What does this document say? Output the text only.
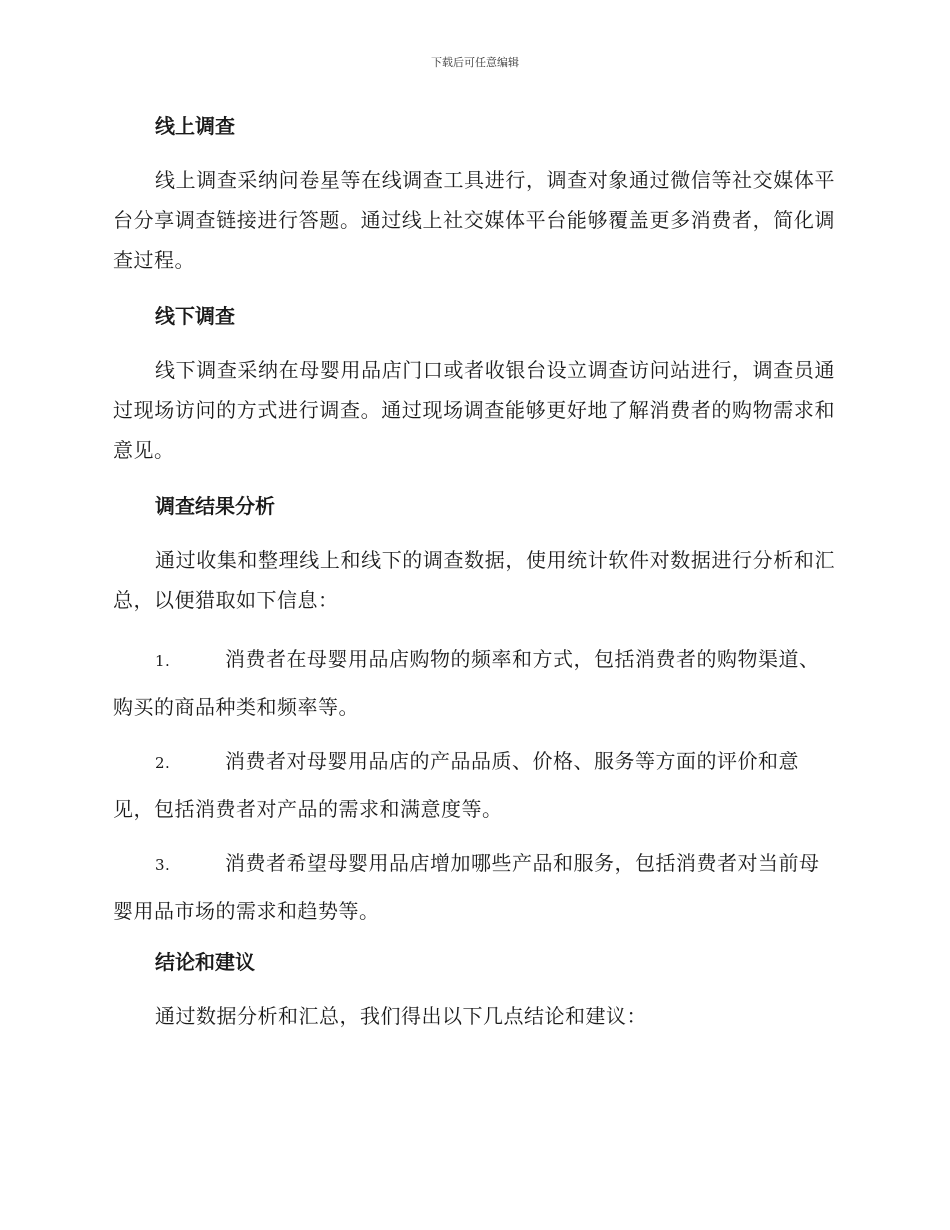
下载后可任意编辑
线上调查

线上调查采纳问卷星等在线调查工具进行，调查对象通过微信等社交媒体平台分享调查链接进行答题。通过线上社交媒体平台能够覆盖更多消费者，简化调查过程。

线下调查

线下调查采纳在母婴用品店门口或者收银台设立调查访问站进行，调查员通过现场访问的方式进行调查。通过现场调查能够更好地了解消费者的购物需求和意见。

调查结果分析

通过收集和整理线上和线下的调查数据，使用统计软件对数据进行分析和汇总，以便猎取如下信息：

1.	消费者在母婴用品店购物的频率和方式，包括消费者的购物渠道、购买的商品种类和频率等。

2.	消费者对母婴用品店的产品品质、价格、服务等方面的评价和意见，包括消费者对产品的需求和满意度等。

3.	消费者希望母婴用品店增加哪些产品和服务，包括消费者对当前母婴用品市场的需求和趋势等。

结论和建议

通过数据分析和汇总，我们得出以下几点结论和建议：
